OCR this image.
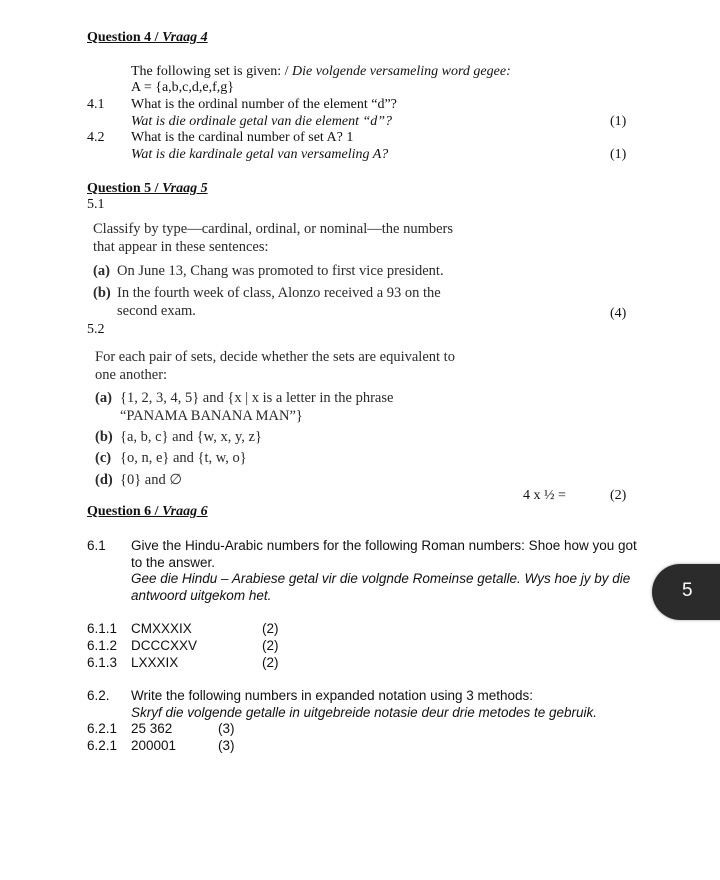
Question 4 / Vraag 4
The following set is given: / Die volgende versameling word gegee:
A = {a,b,c,d,e,f,g}
4.1 What is the ordinal number of the element “d”?
Wat is die ordinale getal van die element “d”?	(1)
4.2 What is the cardinal number of set A? 1
Wat is die kardinale getal van versameling A?	(1)
Question 5 / Vraag 5
5.1
Classify by type—cardinal, ordinal, or nominal—the numbers
that appear in these sentences:
(a) On June 13, Chang was promoted to first vice president.
(b) In the fourth week of class, Alonzo received a 93 on the
second exam.	(4)
5.2
For each pair of sets, decide whether the sets are equivalent to
one another:
(a) {1, 2, 3, 4, 5} and {x | x is a letter in the phrase
“PANAMA BANANA MAN”}
(b) {a, b, c} and {w, x, y, z}
(c) {o, n, e} and {t, w, o}
(d) {0} and ∅
4 x ½ =	(2)
Question 6 / Vraag 6
6.1 Give the Hindu-Arabic numbers for the following Roman numbers: Shoe how you got
to the answer.
Gee die Hindu – Arabiese getal vir die volgnde Romeinse getalle. Wys hoe jy by die
antwoord uitgekom het.
6.1.1 CMXXXIX	(2)
6.1.2 DCCCXXV	(2)
6.1.3 LXXXIX	(2)
6.2. Write the following numbers in expanded notation using 3 methods:
Skryf die volgende getalle in uitgebreide notasie deur drie metodes te gebruik.
6.2.1 25 362	(3)
6.2.1 200001	(3)
5
